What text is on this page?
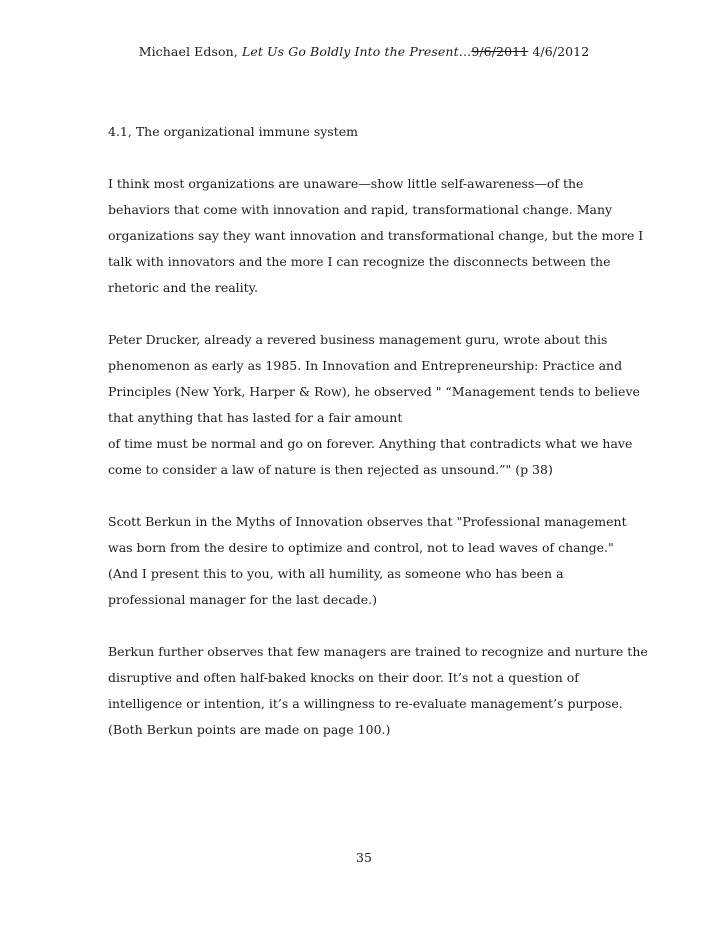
Michael Edson, Let Us Go Boldly Into the Present…9/6/2011 4/6/2012

4.1, The organizational immune system

I think most organizations are unaware—show little self-awareness—of the
behaviors that come with innovation and rapid, transformational change. Many
organizations say they want innovation and transformational change, but the more I
talk with innovators and the more I can recognize the disconnects between the
rhetoric and the reality.

Peter Drucker, already a revered business management guru, wrote about this
phenomenon as early as 1985. In Innovation and Entrepreneurship: Practice and
Principles (New York, Harper & Row), he observed " “Management tends to believe
that anything that has lasted for a fair amount
of time must be normal and go on forever. Anything that contradicts what we have
come to consider a law of nature is then rejected as unsound.”" (p 38)

Scott Berkun in the Myths of Innovation observes that "Professional management
was born from the desire to optimize and control, not to lead waves of change."
(And I present this to you, with all humility, as someone who has been a
professional manager for the last decade.)

Berkun further observes that few managers are trained to recognize and nurture the
disruptive and often half-baked knocks on their door. It’s not a question of
intelligence or intention, it’s a willingness to re-evaluate management’s purpose.
(Both Berkun points are made on page 100.)

35
